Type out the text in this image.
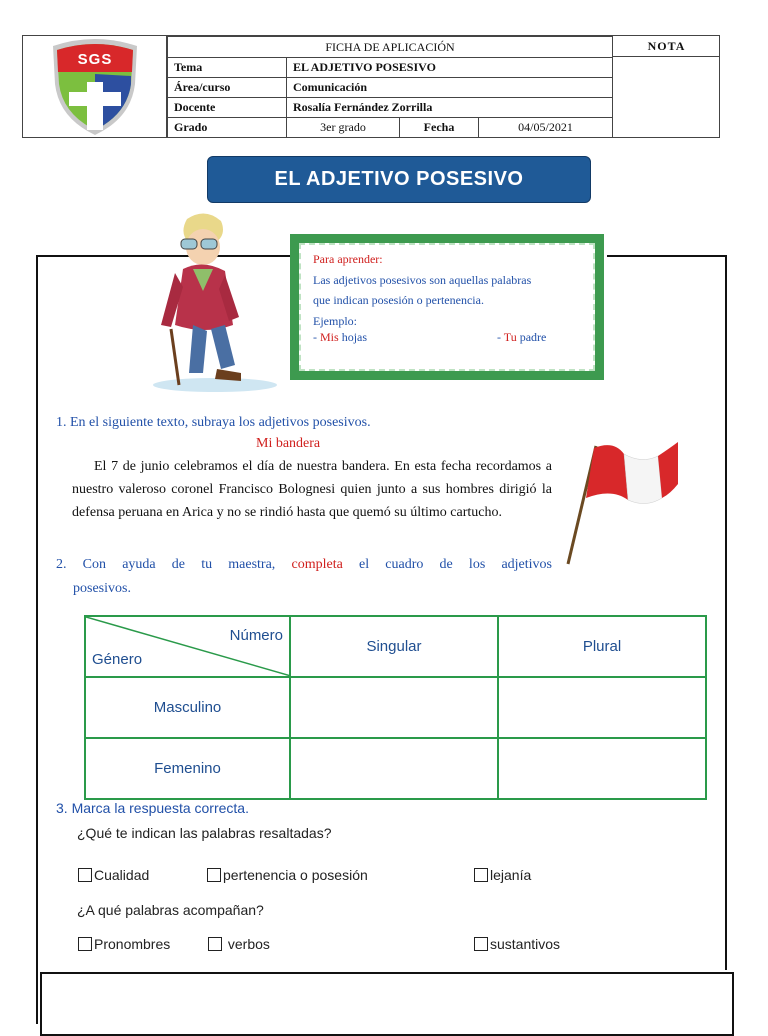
SGS
FICHA DE APLICACIÓN			
Tema	EL ADJETIVO POSESIVO		
Área/curso	Comunicación		
Docente	Rosalía Fernández Zorrilla		
Grado	3er grado	Fecha	04/05/2021
NOTA
EL ADJETIVO POSESIVO
Para aprender:
Las adjetivos posesivos son aquellas palabras
que indican posesión o pertenencia.
Ejemplo:
- Mis hojas	- Tu padre
1. En el siguiente texto, subraya los adjetivos posesivos.
Mi bandera
El 7 de junio celebramos el día de nuestra bandera. En esta fecha recordamos a nuestro valeroso coronel Francisco Bolognesi quien junto a sus hombres dirigió la defensa peruana en Arica y no se rindió hasta que quemó su último cartucho.
2. Con ayuda de tu maestra, completa el cuadro de los adjetivos
posesivos.
Número
Género	Singular	Plural
Masculino		
Femenino		
3. Marca la respuesta correcta.
¿Qué te indican las palabras resaltadas?
Cualidad	pertenencia o posesión	lejanía
¿A qué palabras acompañan?
Pronombres	verbos	sustantivos
